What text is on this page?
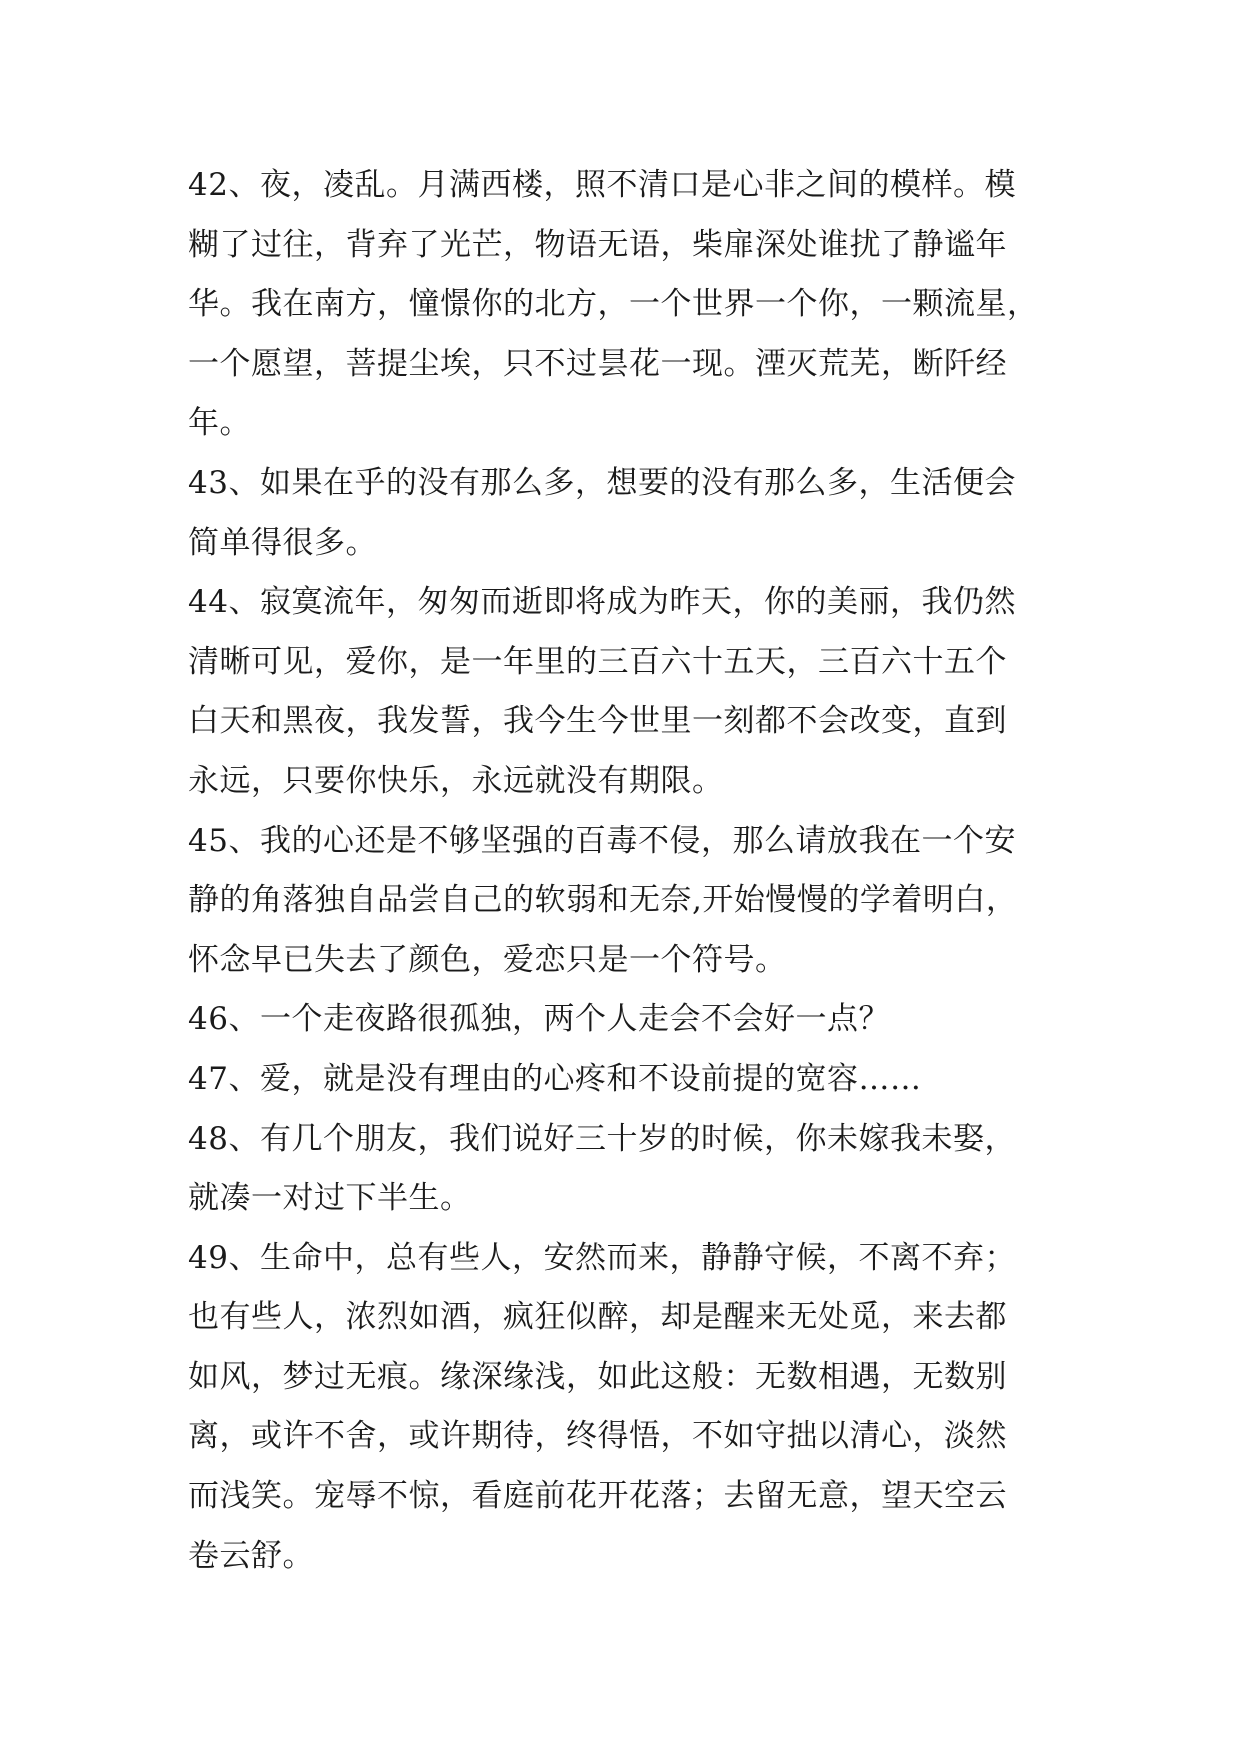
42、夜，凌乱。月满西楼，照不清口是心非之间的模样。模
糊了过往，背弃了光芒，物语无语，柴扉深处谁扰了静谧年
华。我在南方，憧憬你的北方，一个世界一个你，一颗流星，
一个愿望，菩提尘埃，只不过昙花一现。湮灭荒芜，断阡经
年。
43、如果在乎的没有那么多，想要的没有那么多，生活便会
简单得很多。
44、寂寞流年，匆匆而逝即将成为昨天，你的美丽，我仍然
清晰可见，爱你，是一年里的三百六十五天，三百六十五个
白天和黑夜，我发誓，我今生今世里一刻都不会改变，直到
永远，只要你快乐，永远就没有期限。
45、我的心还是不够坚强的百毒不侵，那么请放我在一个安
静的角落独自品尝自己的软弱和无奈,开始慢慢的学着明白，
怀念早已失去了颜色，爱恋只是一个符号。
46、一个走夜路很孤独，两个人走会不会好一点？
47、爱，就是没有理由的心疼和不设前提的宽容……
48、有几个朋友，我们说好三十岁的时候，你未嫁我未娶，
就凑一对过下半生。
49、生命中，总有些人，安然而来，静静守候，不离不弃；
也有些人，浓烈如酒，疯狂似醉，却是醒来无处觅，来去都
如风，梦过无痕。缘深缘浅，如此这般：无数相遇，无数别
离，或许不舍，或许期待，终得悟，不如守拙以清心，淡然
而浅笑。宠辱不惊，看庭前花开花落；去留无意，望天空云
卷云舒。
